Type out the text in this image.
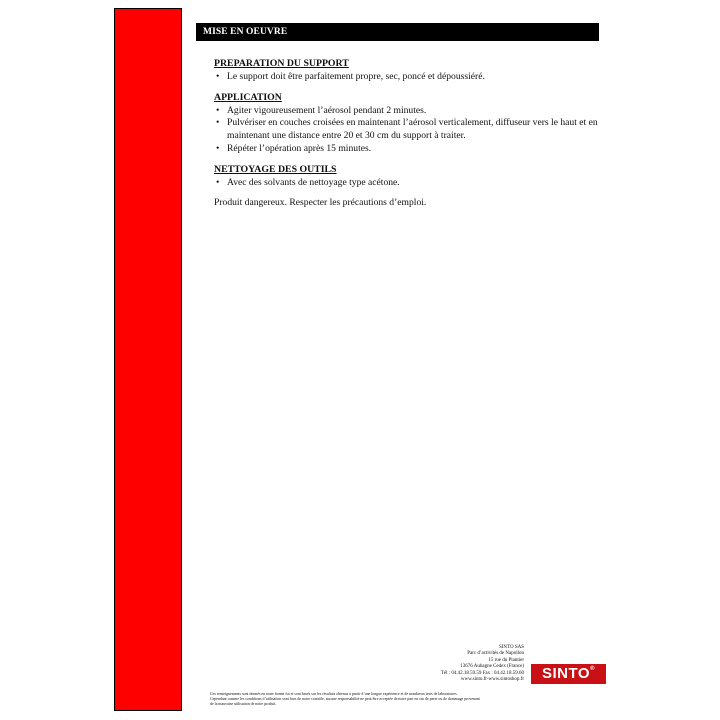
MISE EN OEUVRE

PREPARATION DU SUPPORT

• Le support doit être parfaitement propre, sec, poncé et dépoussiéré.

APPLICATION

• Agiter vigoureusement l’aérosol pendant 2 minutes.
• Pulvériser en couches croisées en maintenant l’aérosol verticalement, diffuseur vers le haut et en maintenant une distance entre 20 et 30 cm du support à traiter.
• Répéter l’opération après 15 minutes.

NETTOYAGE DES OUTILS

• Avec des solvants de nettoyage type acétone.

Produit dangereux. Respecter les précautions d’emploi.

SINTO SAS
Parc d’activités de Napollon
15 rue du Plantier
13676 Aubagne Cedex (France)
Tél : 04.42.18.59.59 Fax : 04.42.18.59.60
www.sinto.fr-www.sintoshop.fr	SINTO®
Ces renseignements sont donnés en toute bonne foi et sont basés sur les résultats obtenus à partir d’une longue expérience et de nombreux tests de laboratoires.
Cependant comme les conditions d’utilisation sont hors de notre contrôle, aucune responsabilité ne peut être acceptée de notre part en cas de perte ou de dommage provenant
de la mauvaise utilisation de notre produit.
